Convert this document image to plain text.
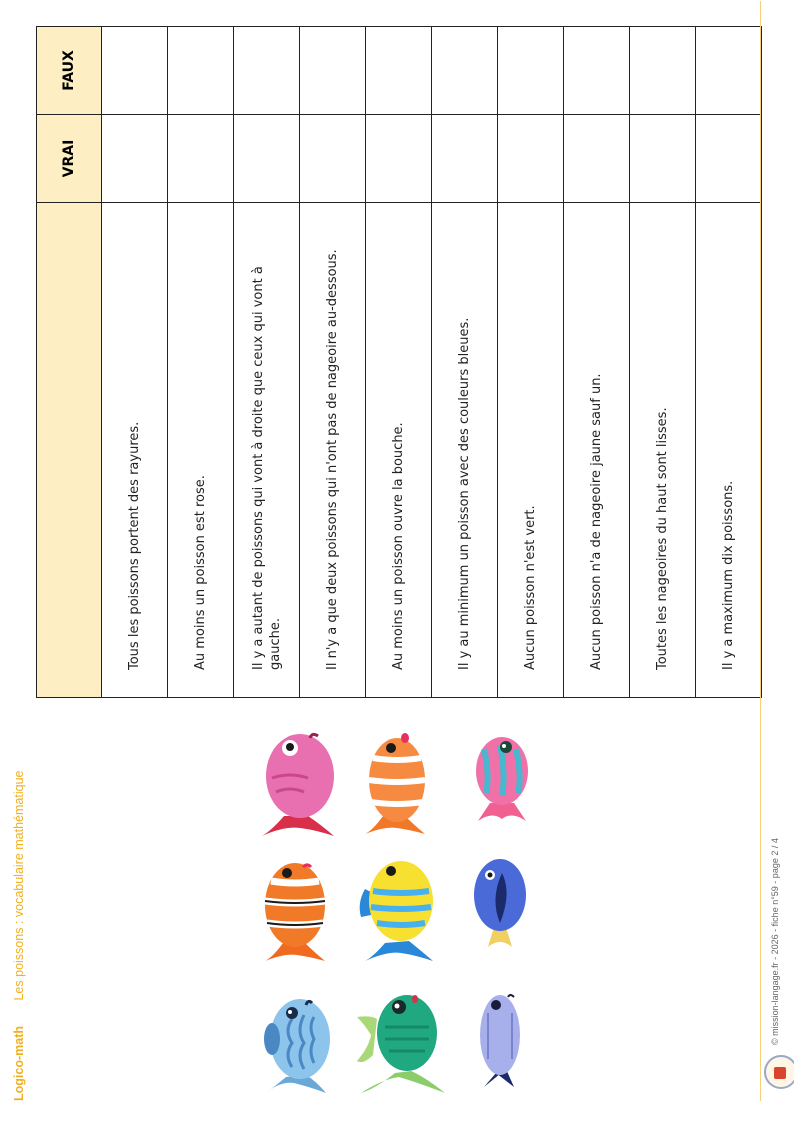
Logico-math Les poissons : vocabulaire mathématique
	VRAI	FAUX
Tous les poissons portent des rayures.		
Au moins un poisson est rose.		
Il y a autant de poissons qui vont à droite que ceux qui vont à gauche.		
Il n'y a que deux poissons qui n'ont pas de nageoire au-dessous.		
Au moins un poisson ouvre la bouche.		
Il y au minimum un poisson avec des couleurs bleues.		
Aucun poisson n'est vert.		
Aucun poisson n'a de nageoire jaune sauf un.		
Toutes les nageoires du haut sont lisses.		
Il y a maximum dix poissons.		
© mission-langage.fr - 2026 - fiche n°59 - page 2 / 4
